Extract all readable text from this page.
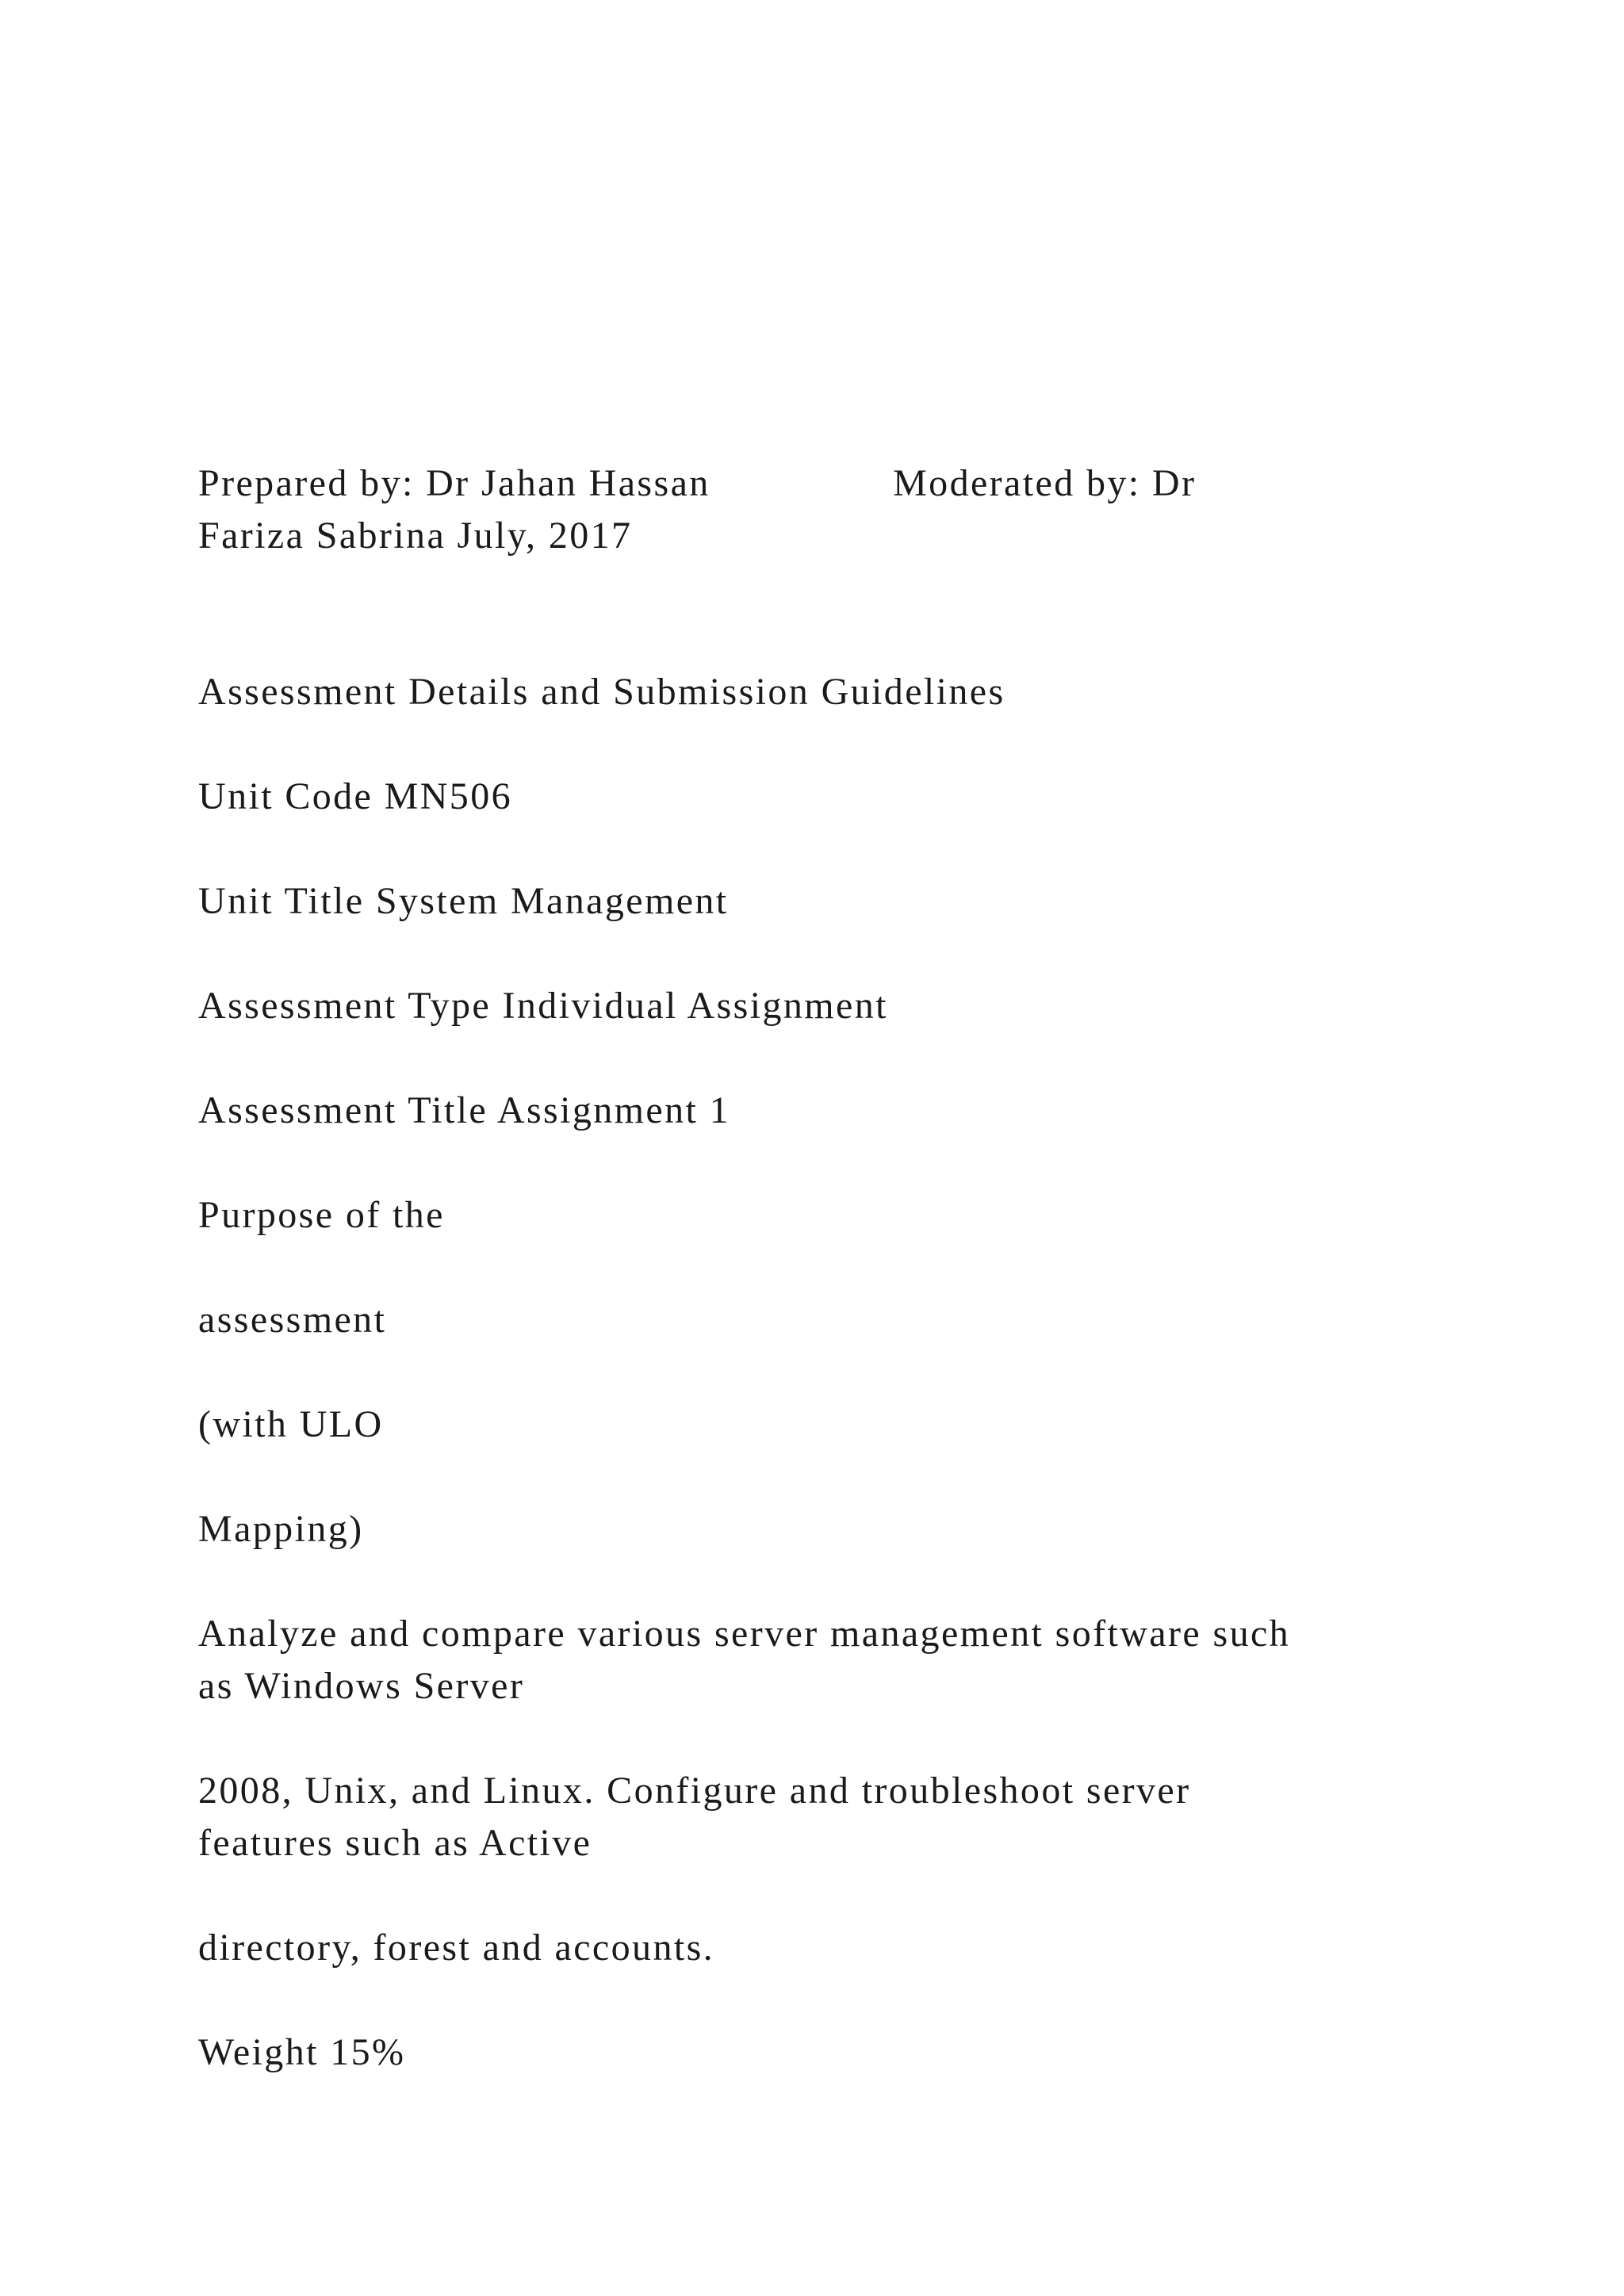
Prepared by: Dr Jahan Hassan                Moderated by: Dr
Fariza Sabrina July, 2017
Assessment Details and Submission Guidelines
Unit Code MN506
Unit Title System Management
Assessment Type Individual Assignment
Assessment Title Assignment 1
Purpose of the
assessment
(with ULO
Mapping)
Analyze and compare various server management software such
as Windows Server
2008, Unix, and Linux. Configure and troubleshoot server
features such as Active
directory, forest and accounts.
Weight 15%
